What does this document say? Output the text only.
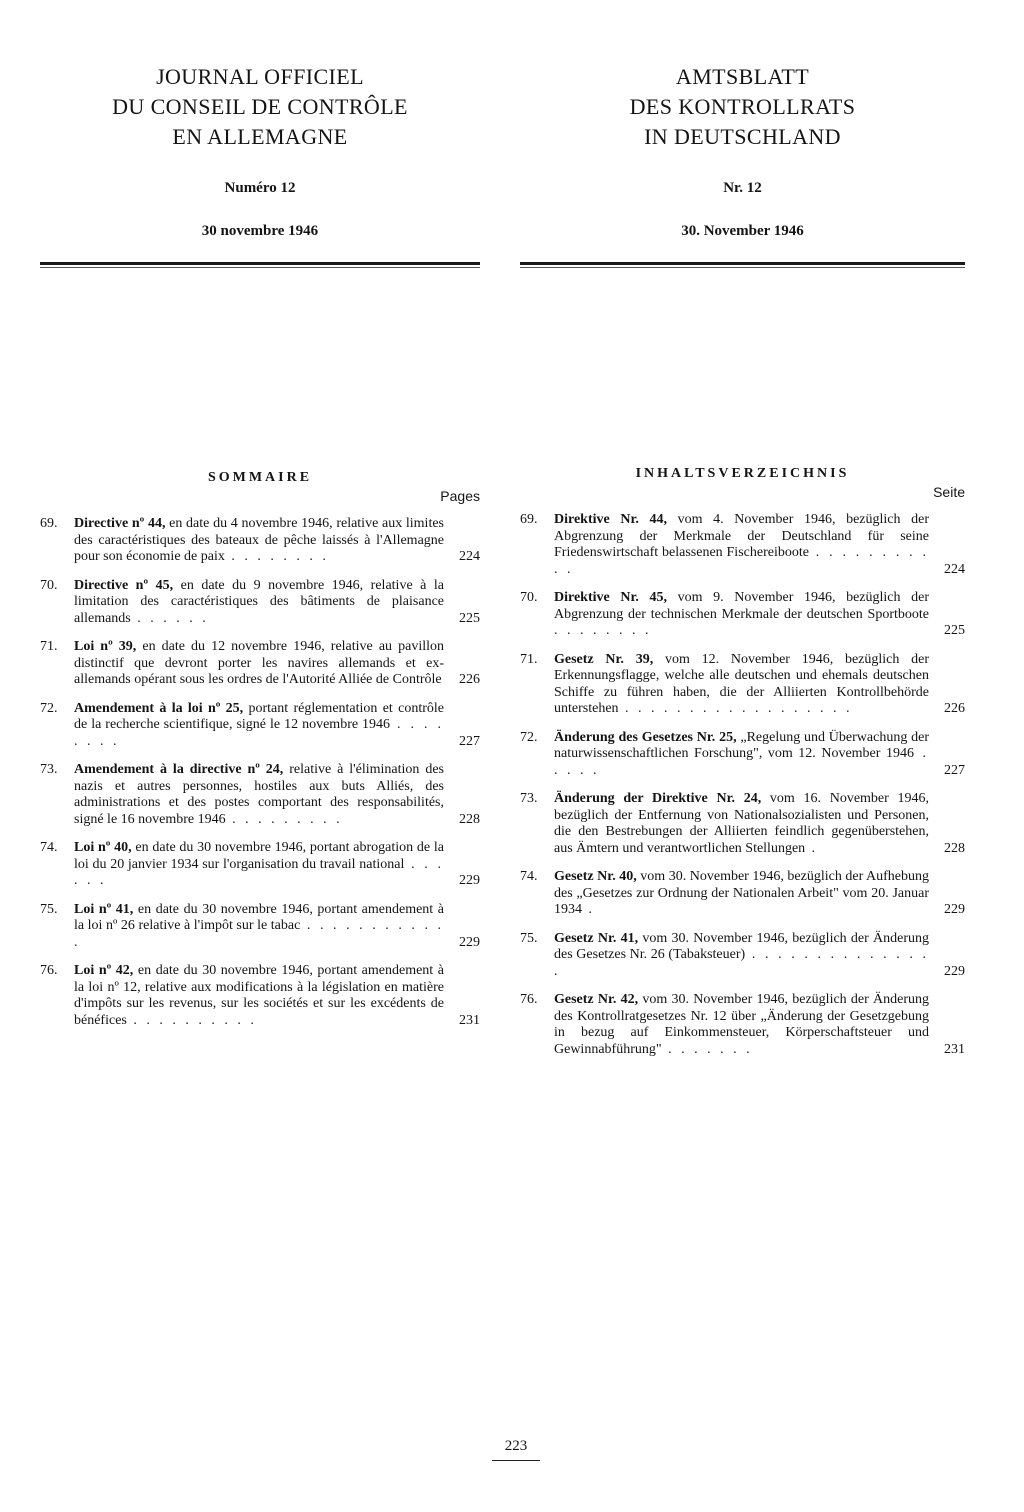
JOURNAL OFFICIEL
DU CONSEIL DE CONTRÔLE
EN ALLEMAGNE

Numéro 12
30 novembre 1946

AMTSBLATT
DES KONTROLLRATS
IN DEUTSCHLAND

Nr. 12
30. November 1946
SOMMAIRE
Pages
69.	Directive nº 44, en date du 4 novembre 1946, relative aux limites des caractéristiques des bateaux de pêche laissés à l'Allemagne pour son économie de paix . . . . . . . .	224
70.	Directive nº 45, en date du 9 novembre 1946, relative à la limitation des caractéristiques des bâtiments de plaisance allemands . . . . . .	225
71.	Loi nº 39, en date du 12 novembre 1946, relative au pavillon distinctif que devront porter les navires allemands et ex-allemands opérant sous les ordres de l'Autorité Alliée de Contrôle	226
72.	Amendement à la loi nº 25, portant réglementation et contrôle de la recherche scientifique, signé le 12 novembre 1946 . . . . . . . .	227
73.	Amendement à la directive nº 24, relative à l'élimination des nazis et autres personnes, hostiles aux buts Alliés, des administrations et des postes comportant des responsabilités, signé le 16 novembre 1946 . . . . . . . . .	228
74.	Loi nº 40, en date du 30 novembre 1946, portant abrogation de la loi du 20 janvier 1934 sur l'organisation du travail national . . . . . .	229
75.	Loi nº 41, en date du 30 novembre 1946, portant amendement à la loi nº 26 relative à l'impôt sur le tabac . . . . . . . . . . . .	229
76.	Loi nº 42, en date du 30 novembre 1946, portant amendement à la loi nº 12, relative aux modifications à la législation en matière d'impôts sur les revenus, sur les sociétés et sur les excédents de bénéfices . . . . . . . . . .	231
INHALTSVERZEICHNIS
Seite
69.	Direktive Nr. 44, vom 4. November 1946, bezüglich der Abgrenzung der Merkmale der Deutschland für seine Friedenswirtschaft belassenen Fischereiboote . . . . . . . . . . .	224
70.	Direktive Nr. 45, vom 9. November 1946, bezüglich der Abgrenzung der technischen Merkmale der deutschen Sportboote . . . . . . . .	225
71.	Gesetz Nr. 39, vom 12. November 1946, bezüglich der Erkennungsflagge, welche alle deutschen und ehemals deutschen Schiffe zu führen haben, die der Alliierten Kontrollbehörde unterstehen . . . . . . . . . . . . . . . . . .	226
72.	Änderung des Gesetzes Nr. 25, „Regelung und Überwachung der naturwissenschaftlichen Forschung", vom 12. November 1946 . . . . .	227
73.	Änderung der Direktive Nr. 24, vom 16. November 1946, bezüglich der Entfernung von Nationalsozialisten und Personen, die den Bestrebungen der Alliierten feindlich gegenüberstehen, aus Ämtern und verantwortlichen Stellungen .	228
74.	Gesetz Nr. 40, vom 30. November 1946, bezüglich der Aufhebung des „Gesetzes zur Ordnung der Nationalen Arbeit" vom 20. Januar 1934 .	229
75.	Gesetz Nr. 41, vom 30. November 1946, bezüglich der Änderung des Gesetzes Nr. 26 (Tabaksteuer) . . . . . . . . . . . . . . .	229
76.	Gesetz Nr. 42, vom 30. November 1946, bezüglich der Änderung des Kontrollratgesetzes Nr. 12 über „Änderung der Gesetzgebung in bezug auf Einkommensteuer, Körperschaftsteuer und Gewinnabführung" . . . . . . .	231
223
